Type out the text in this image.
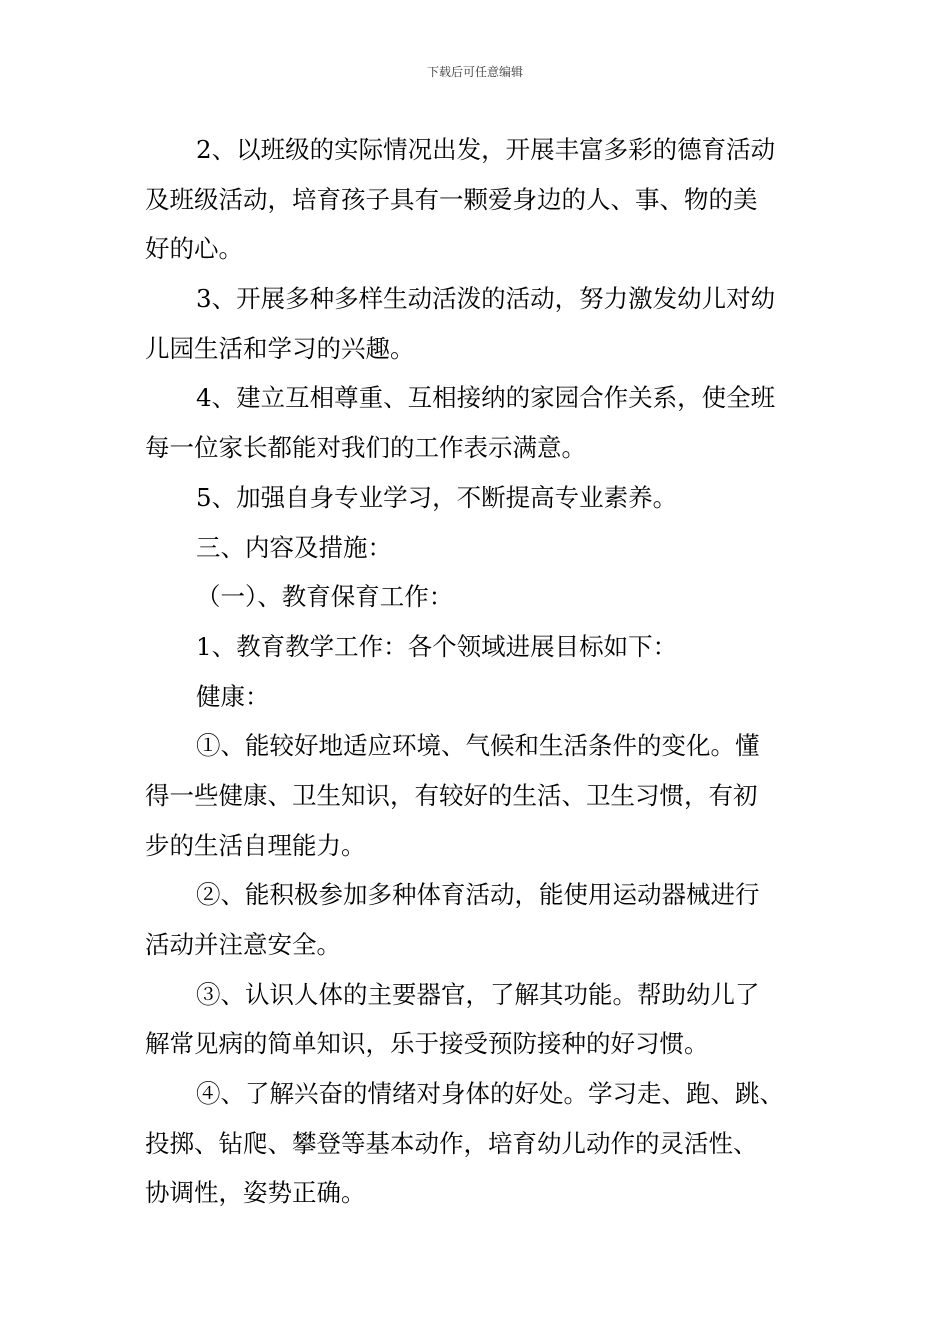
下载后可任意编辑
2、以班级的实际情况出发，开展丰富多彩的德育活动
及班级活动，培育孩子具有一颗爱身边的人、事、物的美
好的心。
3、开展多种多样生动活泼的活动，努力激发幼儿对幼
儿园生活和学习的兴趣。
4、建立互相尊重、互相接纳的家园合作关系，使全班
每一位家长都能对我们的工作表示满意。
5、加强自身专业学习，不断提高专业素养。
三、内容及措施：
（一）、教育保育工作：
1、教育教学工作：各个领域进展目标如下：
健康：
①、能较好地适应环境、气候和生活条件的变化。懂
得一些健康、卫生知识，有较好的生活、卫生习惯，有初
步的生活自理能力。
②、能积极参加多种体育活动，能使用运动器械进行
活动并注意安全。
③、认识人体的主要器官，了解其功能。帮助幼儿了
解常见病的简单知识，乐于接受预防接种的好习惯。
④、了解兴奋的情绪对身体的好处。学习走、跑、跳、
投掷、钻爬、攀登等基本动作，培育幼儿动作的灵活性、
协调性，姿势正确。
